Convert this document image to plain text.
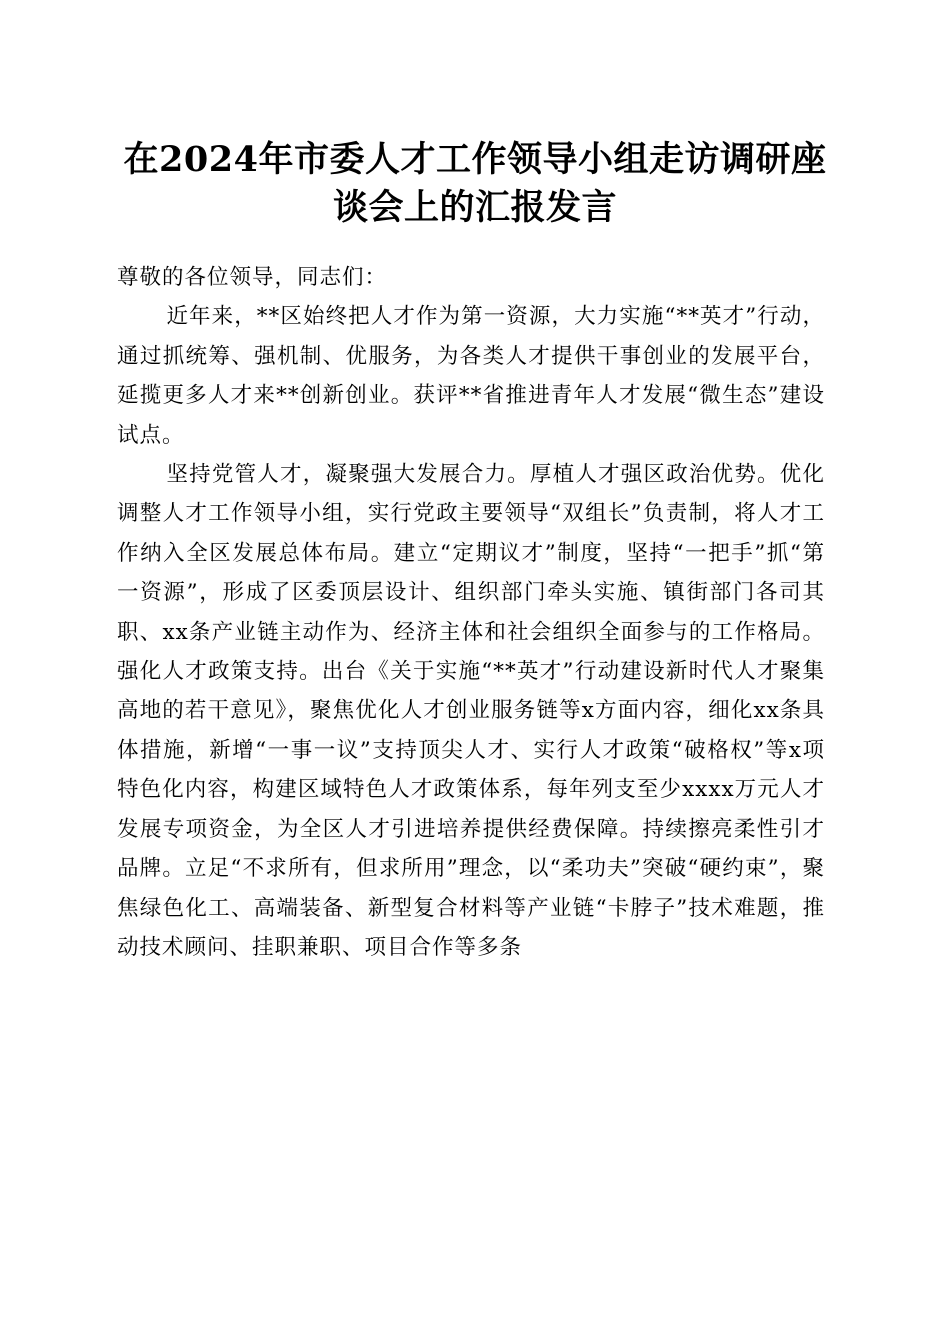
在2024年市委人才工作领导小组走访调研座
谈会上的汇报发言

尊敬的各位领导，同志们：

近年来，**区始终把人才作为第一资源，大力实施“**英才”行动，通过抓统筹、强机制、优服务，为各类人才提供干事创业的发展平台，延揽更多人才来**创新创业。获评**省推进青年人才发展“微生态”建设试点。

坚持党管人才，凝聚强大发展合力。厚植人才强区政治优势。优化调整人才工作领导小组，实行党政主要领导“双组长”负责制，将人才工作纳入全区发展总体布局。建立“定期议才”制度，坚持“一把手”抓“第一资源”，形成了区委顶层设计、组织部门牵头实施、镇街部门各司其职、xx条产业链主动作为、经济主体和社会组织全面参与的工作格局。强化人才政策支持。出台《关于实施“**英才”行动建设新时代人才聚集高地的若干意见》，聚焦优化人才创业服务链等x方面内容，细化xx条具体措施，新增“一事一议”支持顶尖人才、实行人才政策“破格权”等x项特色化内容，构建区域特色人才政策体系，每年列支至少xxxx万元人才发展专项资金，为全区人才引进培养提供经费保障。持续擦亮柔性引才品牌。立足“不求所有，但求所用”理念，以“柔功夫”突破“硬约束”，聚焦绿色化工、高端装备、新型复合材料等产业链“卡脖子”技术难题，推动技术顾问、挂职兼职、项目合作等多条
